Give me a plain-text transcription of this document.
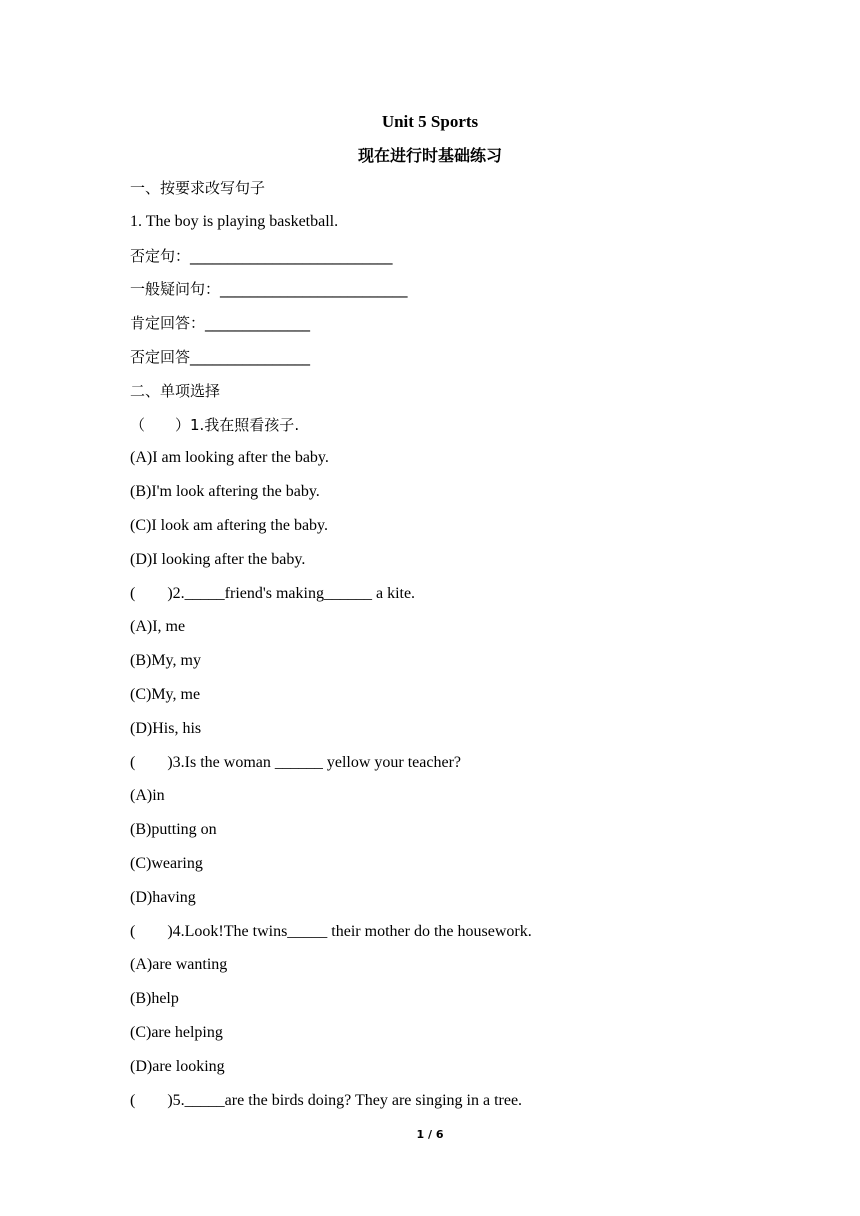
Unit 5 Sports
现在进行时基础练习
一、按要求改写句子
1. The boy is playing basketball.
否定句：___________________________
一般疑问句：_________________________
肯定回答：______________
否定回答________________
二、单项选择
（　　）1.我在照看孩子.
(A)I am looking after the baby.
(B)I'm look aftering the baby.
(C)I look am aftering the baby.
(D)I looking after the baby.
(        )2._____friend's making______ a kite.
(A)I, me
(B)My, my
(C)My, me
(D)His, his
(        )3.Is the woman ______ yellow your teacher?
(A)in
(B)putting on
(C)wearing
(D)having
(        )4.Look!The twins_____ their mother do the housework.
(A)are wanting
(B)help
(C)are helping
(D)are looking
(        )5._____are the birds doing? They are singing in a tree.
1 / 6
